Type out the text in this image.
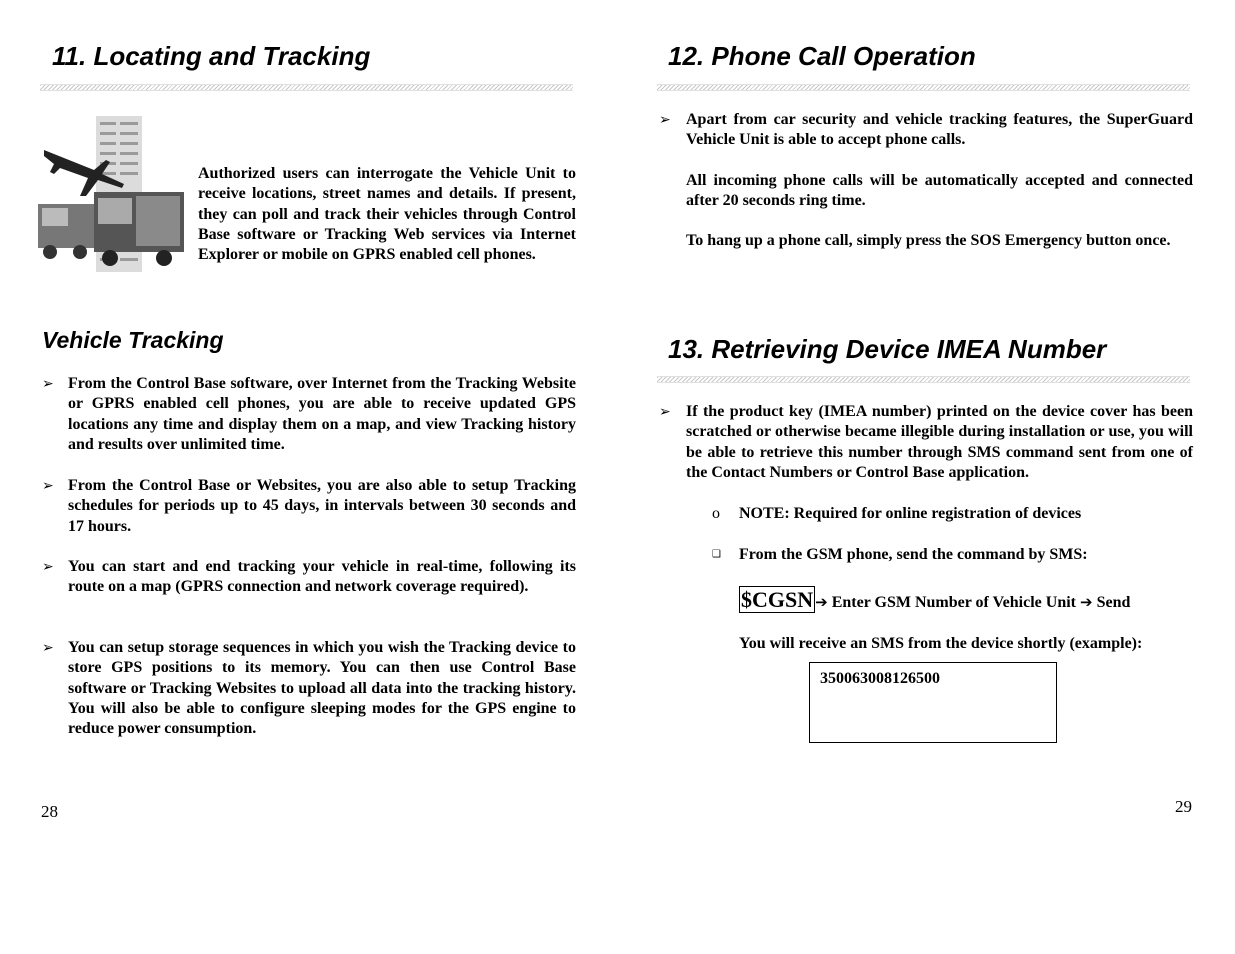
11. Locating and Tracking

Authorized users can interrogate the Vehicle Unit to receive locations, street names and details. If present, they can poll and track their vehicles through Control Base software or Tracking Web services via Internet Explorer or mobile on GPRS enabled cell phones.

Vehicle Tracking
➢ From the Control Base software, over Internet from the Tracking Website or GPRS enabled cell phones, you are able to receive updated GPS locations any time and display them on a map, and view Tracking history and results over unlimited time.

➢ From the Control Base or Websites, you are also able to setup Tracking schedules for periods up to 45 days, in intervals between 30 seconds and 17 hours.

➢ You can start and end tracking your vehicle in real-time, following its route on a map (GPRS connection and network coverage required).

➢ You can setup storage sequences in which you wish the Tracking device to store GPS positions to its memory. You can then use Control Base software or Tracking Websites to upload all data into the tracking history. You will also be able to configure sleeping modes for the GPS engine to reduce power consumption.

28
12. Phone Call Operation
➢ Apart from car security and vehicle tracking features, the SuperGuard Vehicle Unit is able to accept phone calls.

All incoming phone calls will be automatically accepted and connected after 20 seconds ring time.

To hang up a phone call, simply press the SOS Emergency button once.

13. Retrieving Device IMEA Number
➢ If the product key (IMEA number) printed on the device cover has been scratched or otherwise became illegible during installation or use, you will be able to retrieve this number through SMS command sent from one of the Contact Numbers or Control Base application.

o NOTE: Required for online registration of devices
❑ From the GSM phone, send the command by SMS:
$CGSN ➔ Enter GSM Number of Vehicle Unit ➔ Send

You will receive an SMS from the device shortly (example):

350063008126500
29
